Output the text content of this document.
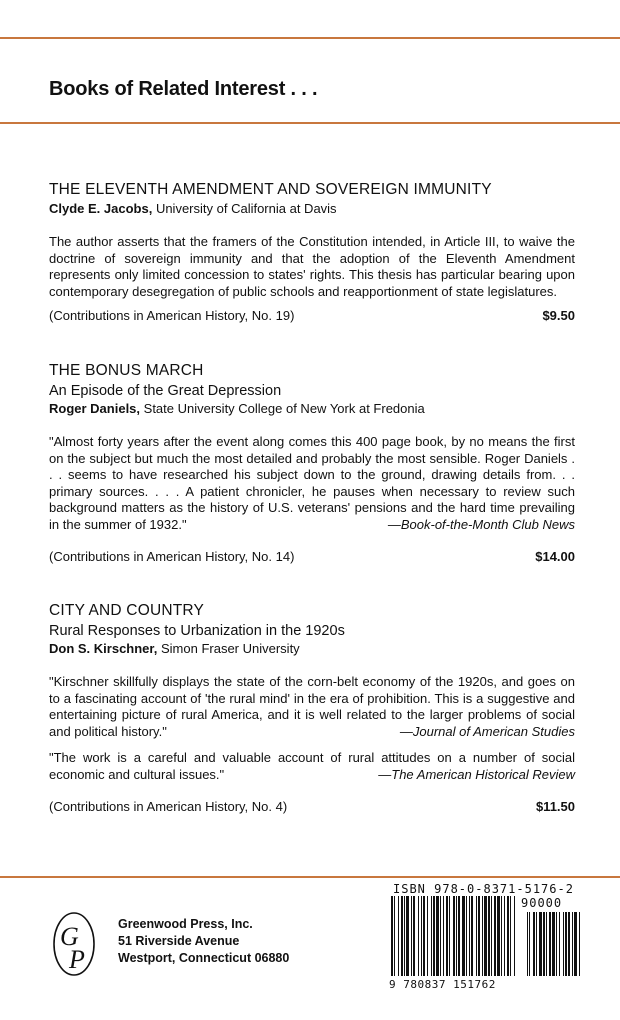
Books of Related Interest . . .
THE ELEVENTH AMENDMENT AND SOVEREIGN IMMUNITY
Clyde E. Jacobs, University of California at Davis
The author asserts that the framers of the Constitution intended, in Article III, to waive the doctrine of sovereign immunity and that the adoption of the Eleventh Amendment represents only limited concession to states' rights. This thesis has particular bearing upon contemporary desegregation of public schools and reapportionment of state legislatures.
(Contributions in American History, No. 19)	$9.50
THE BONUS MARCH
An Episode of the Great Depression
Roger Daniels, State University College of New York at Fredonia
"Almost forty years after the event along comes this 400 page book, by no means the first on the subject but much the most detailed and probably the most sensible. Roger Daniels . . . seems to have researched his subject down to the ground, drawing details from. . . primary sources. . . . A patient chronicler, he pauses when necessary to review such background matters as the history of U.S. veterans' pensions and the hard time prevailing in the summer of 1932."	—Book-of-the-Month Club News
(Contributions in American History, No. 14)	$14.00
CITY AND COUNTRY
Rural Responses to Urbanization in the 1920s
Don S. Kirschner, Simon Fraser University
"Kirschner skillfully displays the state of the corn-belt economy of the 1920s, and goes on to a fascinating account of 'the rural mind' in the era of prohibition. This is a suggestive and entertaining picture of rural America, and it is well related to the larger problems of social and political history."	—Journal of American Studies
"The work is a careful and valuable account of rural attitudes on a number of social economic and cultural issues."	—The American Historical Review
(Contributions in American History, No. 4)	$11.50
G
P
Greenwood Press, Inc.
51 Riverside Avenue
Westport, Connecticut 06880
ISBN 978-0-8371-5176-2
90000
9 780837 151762
